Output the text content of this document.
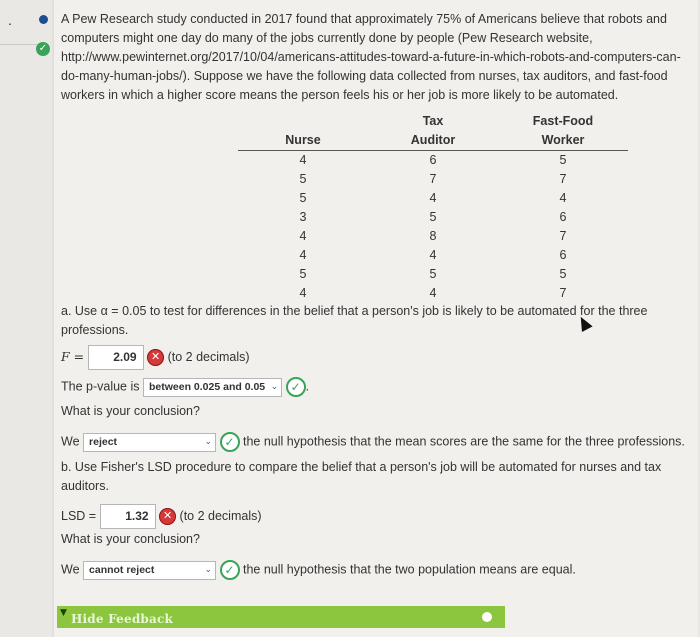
.
✓
A Pew Research study conducted in 2017 found that approximately 75% of Americans believe that robots and computers might one day do many of the jobs currently done by people (Pew Research website, http://www.pewinternet.org/2017/10/04/americans-attitudes-toward-a-future-in-which-robots-and-computers-can-do-many-human-jobs/). Suppose we have the following data collected from nurses, tax auditors, and fast-food workers in which a higher score means the person feels his or her job is more likely to be automated.
	Tax	Fast-Food
Nurse	Auditor	Worker
4	6	5
5	7	7
5	4	4
3	5	6
4	8	7
4	4	6
5	5	5
4	4	7
a. Use α = 0.05 to test for differences in the belief that a person's job is likely to be automated for the three
professions.
F = 2.09 ✕ (to 2 decimals)
The p-value is between 0.025 and 0.05 ⌄ ✓ .
What is your conclusion?
We reject	⌄ ✓ the null hypothesis that the mean scores are the same for the three professions.
b. Use Fisher's LSD procedure to compare the belief that a person's job will be automated for nurses and tax
auditors.
LSD = 1.32 ✕ (to 2 decimals)
What is your conclusion?
We cannot reject	⌄ ✓ the null hypothesis that the two population means are equal.
▼ Hide Feedback
